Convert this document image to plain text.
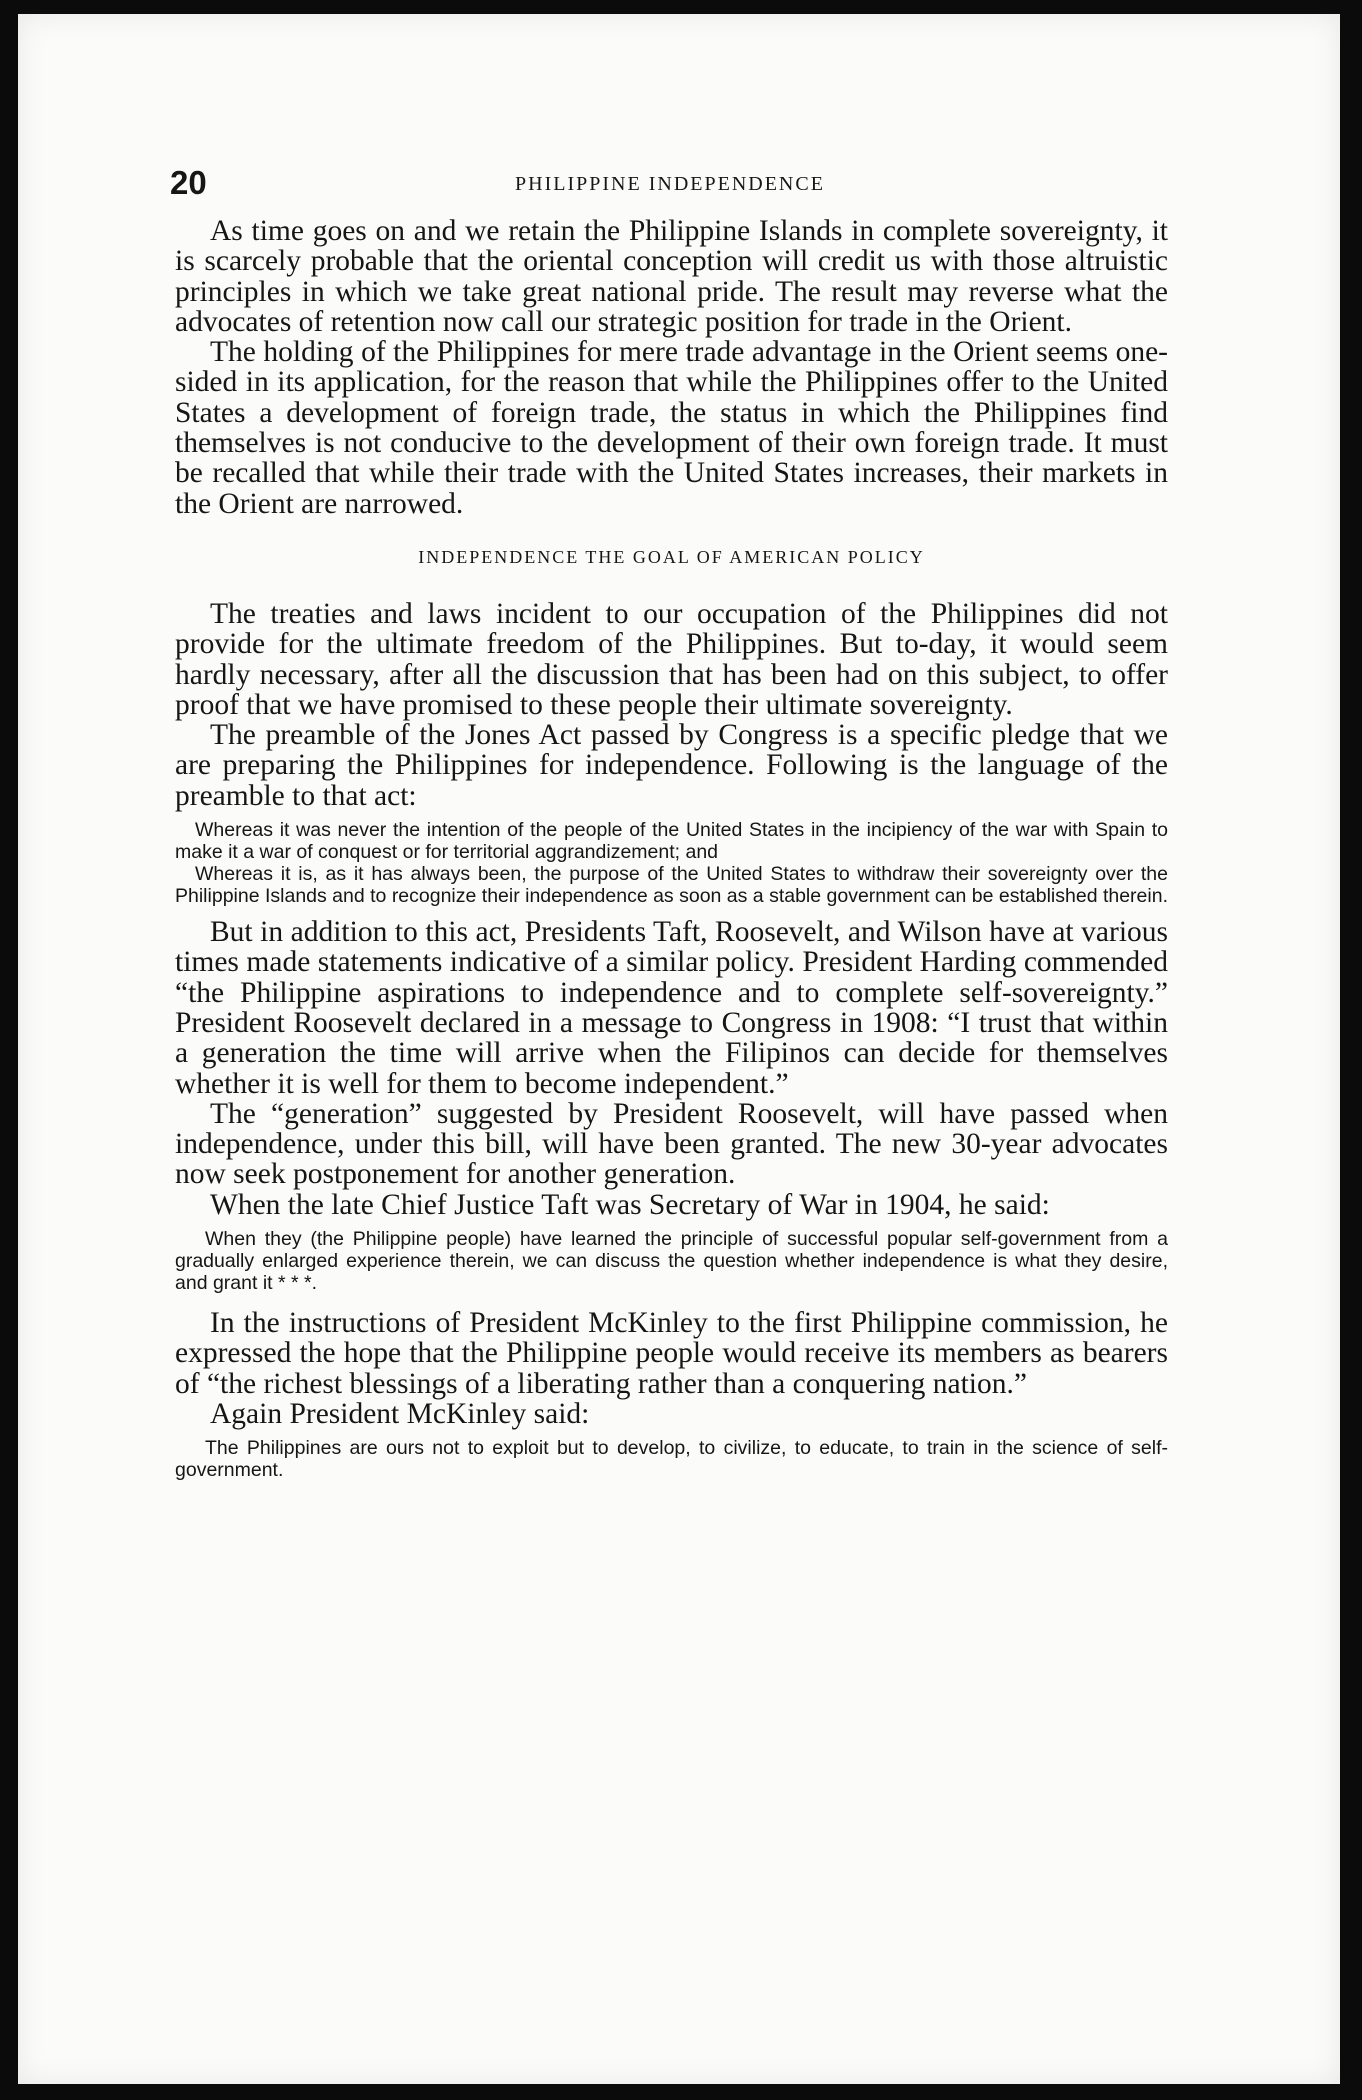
20	PHILIPPINE INDEPENDENCE

As time goes on and we retain the Philippine Islands in complete sovereignty, it is scarcely probable that the oriental conception will credit us with those altruistic principles in which we take great national pride. The result may reverse what the advocates of retention now call our strategic position for trade in the Orient.

The holding of the Philippines for mere trade advantage in the Orient seems one-sided in its application, for the reason that while the Philippines offer to the United States a development of foreign trade, the status in which the Philippines find themselves is not conducive to the development of their own foreign trade. It must be recalled that while their trade with the United States increases, their markets in the Orient are narrowed.

INDEPENDENCE THE GOAL OF AMERICAN POLICY

The treaties and laws incident to our occupation of the Philippines did not provide for the ultimate freedom of the Philippines. But to-day, it would seem hardly necessary, after all the discussion that has been had on this subject, to offer proof that we have promised to these people their ultimate sovereignty.

The preamble of the Jones Act passed by Congress is a specific pledge that we are preparing the Philippines for independence. Following is the language of the preamble to that act:

Whereas it was never the intention of the people of the United States in the incipiency of the war with Spain to make it a war of conquest or for territorial aggrandizement; and

Whereas it is, as it has always been, the purpose of the United States to withdraw their sovereignty over the Philippine Islands and to recognize their independence as soon as a stable government can be established therein.

But in addition to this act, Presidents Taft, Roosevelt, and Wilson have at various times made statements indicative of a similar policy. President Harding commended “the Philippine aspirations to independence and to complete self-sovereignty.” President Roosevelt declared in a message to Congress in 1908: “I trust that within a generation the time will arrive when the Filipinos can decide for themselves whether it is well for them to become independent.”

The “generation” suggested by President Roosevelt, will have passed when independence, under this bill, will have been granted. The new 30-year advocates now seek postponement for another generation.

When the late Chief Justice Taft was Secretary of War in 1904, he said:

When they (the Philippine people) have learned the principle of successful popular self-government from a gradually enlarged experience therein, we can discuss the question whether independence is what they desire, and grant it * * *.

In the instructions of President McKinley to the first Philippine commission, he expressed the hope that the Philippine people would receive its members as bearers of “the richest blessings of a liberating rather than a conquering nation.”

Again President McKinley said:

The Philippines are ours not to exploit but to develop, to civilize, to educate, to train in the science of self-government.
